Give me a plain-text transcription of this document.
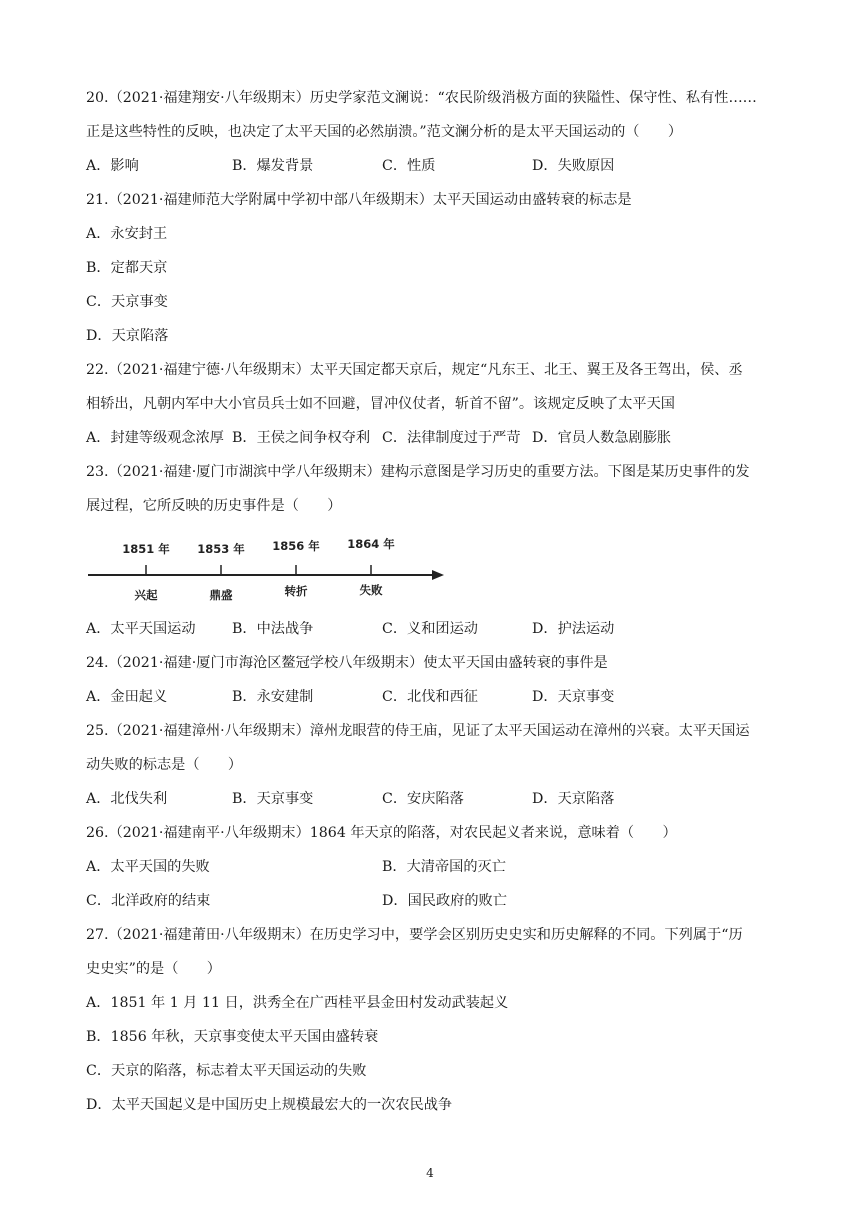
20.（2021·福建翔安·八年级期末）历史学家范文澜说：“农民阶级消极方面的狭隘性、保守性、私有性……
正是这些特性的反映，也决定了太平天国的必然崩溃。”范文澜分析的是太平天国运动的（　　）
A．影响	B．爆发背景	C．性质	D．失败原因
21.（2021·福建师范大学附属中学初中部八年级期末）太平天国运动由盛转衰的标志是
A．永安封王
B．定都天京
C．天京事变
D．天京陷落
22.（2021·福建宁德·八年级期末）太平天国定都天京后，规定“凡东王、北王、翼王及各王驾出，侯、丞
相轿出，凡朝内军中大小官员兵士如不回避，冒冲仪仗者，斩首不留”。该规定反映了太平天国
A．封建等级观念浓厚 B．王侯之间争权夺利 C．法律制度过于严苛 D．官员人数急剧膨胀
23.（2021·福建·厦门市湖滨中学八年级期末）建构示意图是学习历史的重要方法。下图是某历史事件的发
展过程，它所反映的历史事件是（　　）
1851 年 1853 年 1856 年 1864 年
兴起	鼎盛	转折	失败
A．太平天国运动	B．中法战争	C．义和团运动	D．护法运动
24.（2021·福建·厦门市海沧区鳌冠学校八年级期末）使太平天国由盛转衰的事件是
A．金田起义	B．永安建制	C．北伐和西征	D．天京事变
25.（2021·福建漳州·八年级期末）漳州龙眼营的侍王庙，见证了太平天国运动在漳州的兴衰。太平天国运
动失败的标志是（　　）
A．北伐失利	B．天京事变	C．安庆陷落	D．天京陷落
26.（2021·福建南平·八年级期末）1864 年天京的陷落，对农民起义者来说，意味着（　　）
A．太平天国的失败	B．大清帝国的灭亡
C．北洋政府的结束	D．国民政府的败亡
27.（2021·福建莆田·八年级期末）在历史学习中，要学会区别历史史实和历史解释的不同。下列属于“历
史史实”的是（　　）
A．1851 年 1 月 11 日，洪秀全在广西桂平县金田村发动武装起义
B．1856 年秋，天京事变使太平天国由盛转衰
C．天京的陷落，标志着太平天国运动的失败
D．太平天国起义是中国历史上规模最宏大的一次农民战争
4
